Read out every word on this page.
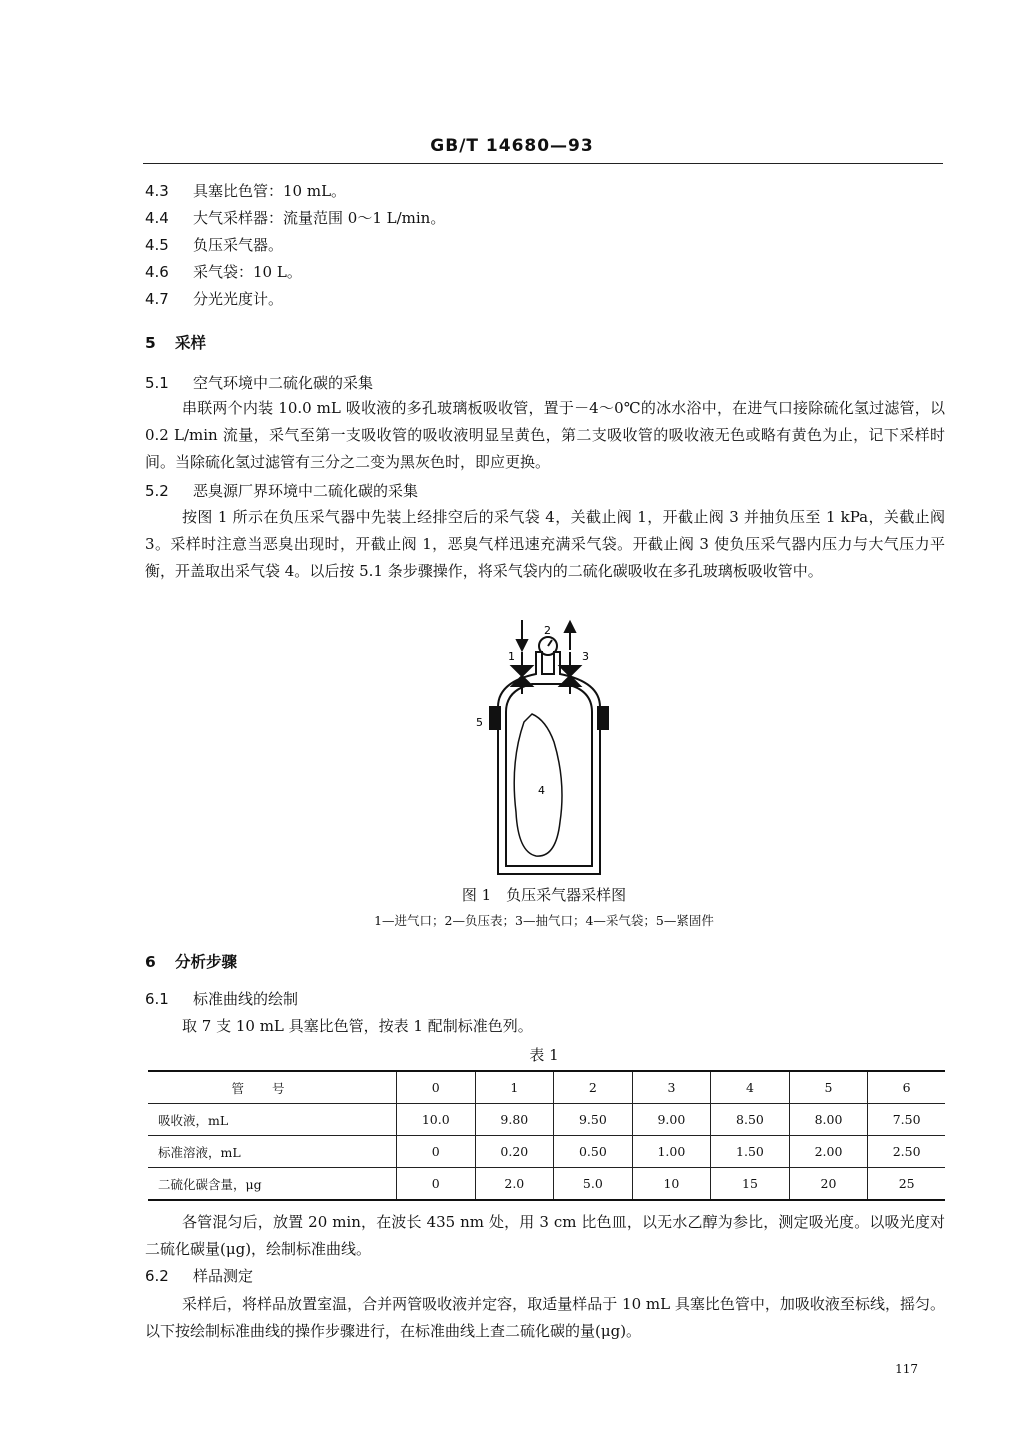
GB/T 14680—93
4.3 具塞比色管：10 mL。
4.4 大气采样器：流量范围 0～1 L/min。
4.5 负压采气器。
4.6 采气袋：10 L。
4.7 分光光度计。
5 采样
5.1 空气环境中二硫化碳的采集
串联两个内装 10.0 mL 吸收液的多孔玻璃板吸收管，置于－4～0℃的冰水浴中，在进气口接除硫化氢过滤管，以 0.2 L/min 流量，采气至第一支吸收管的吸收液明显呈黄色，第二支吸收管的吸收液无色或略有黄色为止，记下采样时间。当除硫化氢过滤管有三分之二变为黑灰色时，即应更换。
5.2 恶臭源厂界环境中二硫化碳的采集
按图 1 所示在负压采气器中先装上经排空后的采气袋 4，关截止阀 1，开截止阀 3 并抽负压至 1 kPa，关截止阀 3。采样时注意当恶臭出现时，开截止阀 1，恶臭气样迅速充满采气袋。开截止阀 3 使负压采气器内压力与大气压力平衡，开盖取出采气袋 4。以后按 5.1 条步骤操作，将采气袋内的二硫化碳吸收在多孔玻璃板吸收管中。
1
2
3
4
5
图 1　负压采气器采样图
1—进气口；2—负压表；3—抽气口；4—采气袋；5—紧固件
6 分析步骤
6.1 标准曲线的绘制
取 7 支 10 mL 具塞比色管，按表 1 配制标准色列。
表 1
管号	0	1	2	3	4	5	6
吸收液，mL	10.0	9.80	9.50	9.00	8.50	8.00	7.50
标准溶液，mL	0	0.20	0.50	1.00	1.50	2.00	2.50
二硫化碳含量，μg	0	2.0	5.0	10	15	20	25
各管混匀后，放置 20 min，在波长 435 nm 处，用 3 cm 比色皿，以无水乙醇为参比，测定吸光度。以吸光度对二硫化碳量(μg)，绘制标准曲线。
6.2 样品测定
采样后，将样品放置室温，合并两管吸收液并定容，取适量样品于 10 mL 具塞比色管中，加吸收液至标线，摇匀。以下按绘制标准曲线的操作步骤进行，在标准曲线上查二硫化碳的量(μg)。
117
